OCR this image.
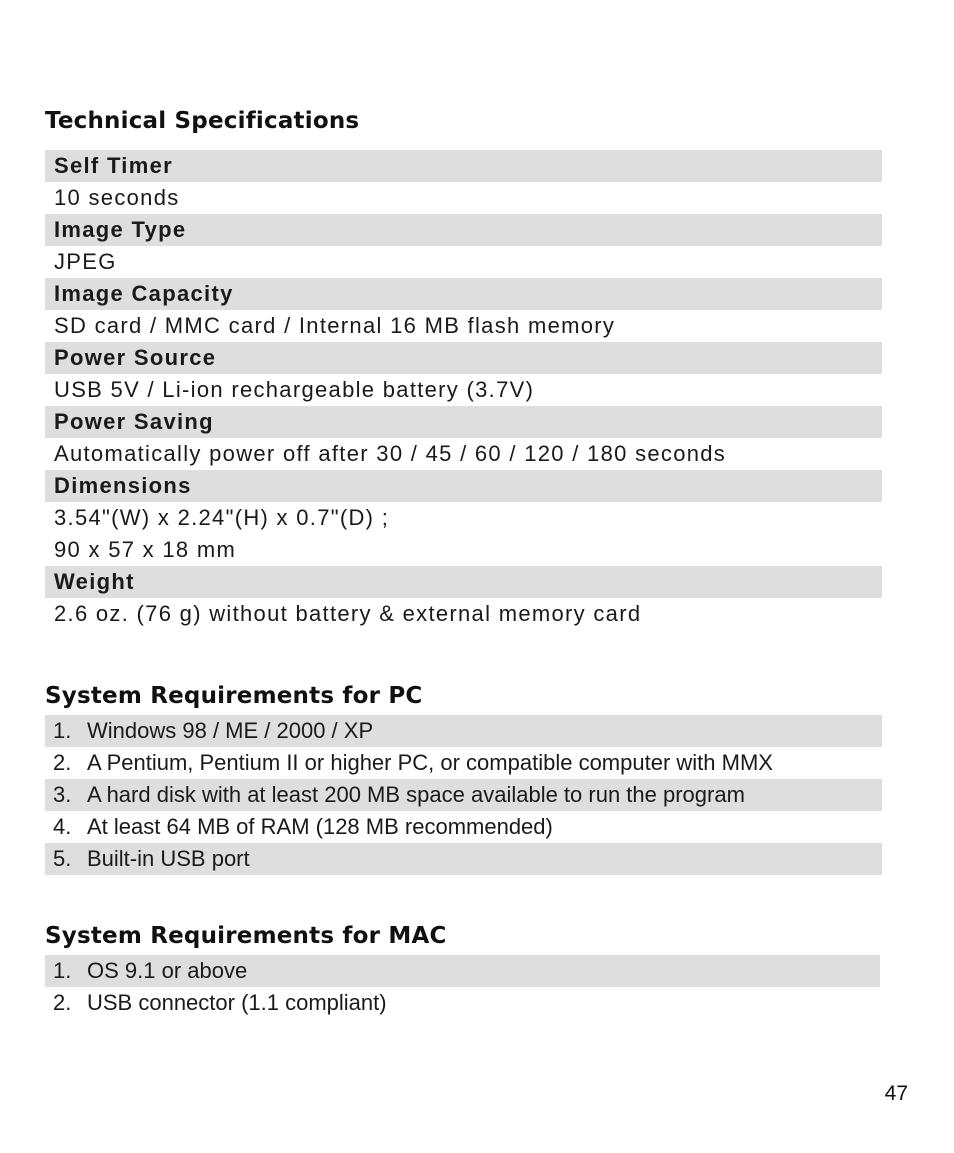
Technical Specifications
Self Timer
10 seconds
Image Type
JPEG
Image Capacity
SD card / MMC card / Internal 16 MB flash memory
Power Source
USB 5V / Li-ion rechargeable battery (3.7V)
Power Saving
Automatically power off after 30 / 45 / 60 / 120 / 180 seconds
Dimensions
3.54"(W) x 2.24"(H) x 0.7"(D) ;
90 x 57 x 18 mm
Weight
2.6 oz. (76 g) without battery & external memory card
System Requirements for PC
1. Windows 98 / ME / 2000 / XP
2. A Pentium, Pentium II or higher PC, or compatible computer with MMX
3. A hard disk with at least 200 MB space available to run the program
4. At least 64 MB of RAM (128 MB recommended)
5. Built-in USB port
System Requirements for MAC
1. OS 9.1 or above
2. USB connector (1.1 compliant)
47
